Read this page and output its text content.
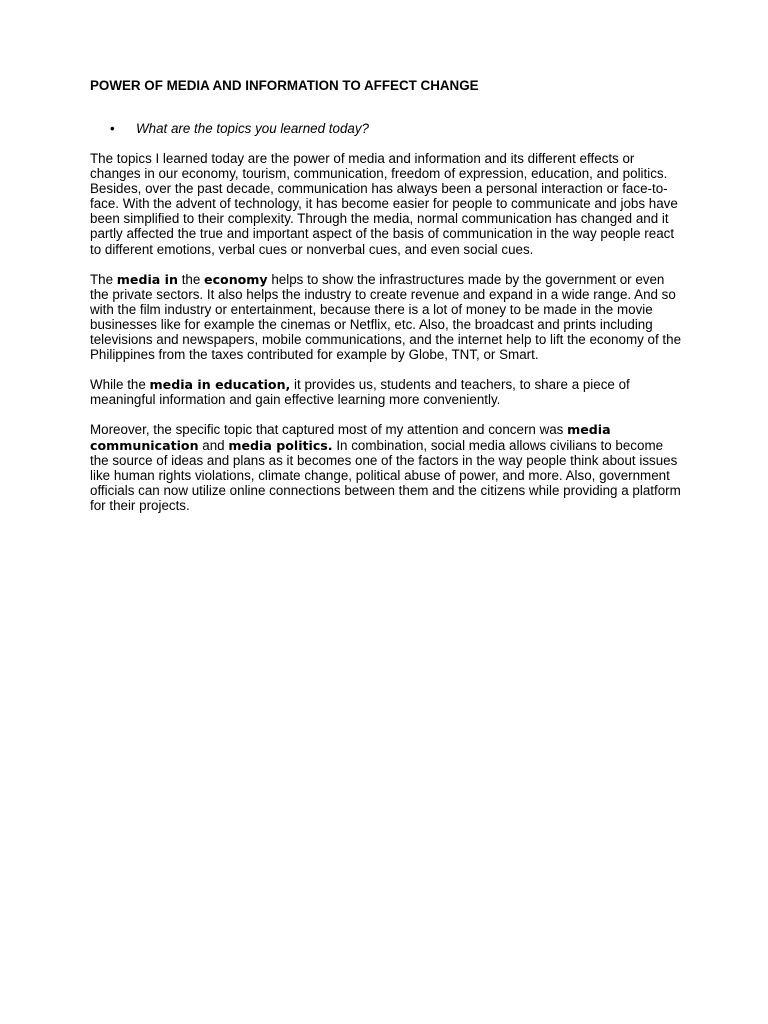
POWER OF MEDIA AND INFORMATION TO AFFECT CHANGE
• What are the topics you learned today?

The topics I learned today are the power of media and information and its different effects or changes in our economy, tourism, communication, freedom of expression, education, and politics. Besides, over the past decade, communication has always been a personal interaction or face-to-face. With the advent of technology, it has become easier for people to communicate and jobs have been simplified to their complexity. Through the media, normal communication has changed and it partly affected the true and important aspect of the basis of communication in the way people react to different emotions, verbal cues or nonverbal cues, and even social cues.

The media in the economy helps to show the infrastructures made by the government or even the private sectors. It also helps the industry to create revenue and expand in a wide range. And so with the film industry or entertainment, because there is a lot of money to be made in the movie businesses like for example the cinemas or Netflix, etc. Also, the broadcast and prints including televisions and newspapers, mobile communications, and the internet help to lift the economy of the Philippines from the taxes contributed for example by Globe, TNT, or Smart.

While the media in education, it provides us, students and teachers, to share a piece of meaningful information and gain effective learning more conveniently.

Moreover, the specific topic that captured most of my attention and concern was media communication and media politics. In combination, social media allows civilians to become the source of ideas and plans as it becomes one of the factors in the way people think about issues like human rights violations, climate change, political abuse of power, and more. Also, government officials can now utilize online connections between them and the citizens while providing a platform for their projects.
